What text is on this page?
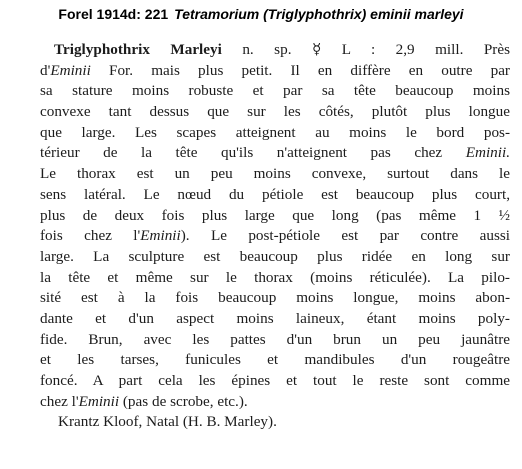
Forel 1914d: 221 Tetramorium (Triglyphothrix) eminii marleyi
Triglyphothrix Marleyi n. sp. ☿ L : 2,9 mill. Près
d'Eminii For. mais plus petit. Il en diffère en outre par
sa stature moins robuste et par sa tête beaucoup moins
convexe tant dessus que sur les côtés, plutôt plus longue
que large. Les scapes atteignent au moins le bord pos-
térieur de la tête qu'ils n'atteignent pas chez Eminii.
Le thorax est un peu moins convexe, surtout dans le
sens latéral. Le nœud du pétiole est beaucoup plus court,
plus de deux fois plus large que long (pas même 1 ½
fois chez l'Eminii). Le post-pétiole est par contre aussi
large. La sculpture est beaucoup plus ridée en long sur
la tête et même sur le thorax (moins réticulée). La pilo-
sité est à la fois beaucoup moins longue, moins abon-
dante et d'un aspect moins laineux, étant moins poly-
fide. Brun, avec les pattes d'un brun un peu jaunâtre
et les tarses, funicules et mandibules d'un rougeâtre
foncé. A part cela les épines et tout le reste sont comme
chez l'Eminii (pas de scrobe, etc.).
Krantz Kloof, Natal (H. B. Marley).
